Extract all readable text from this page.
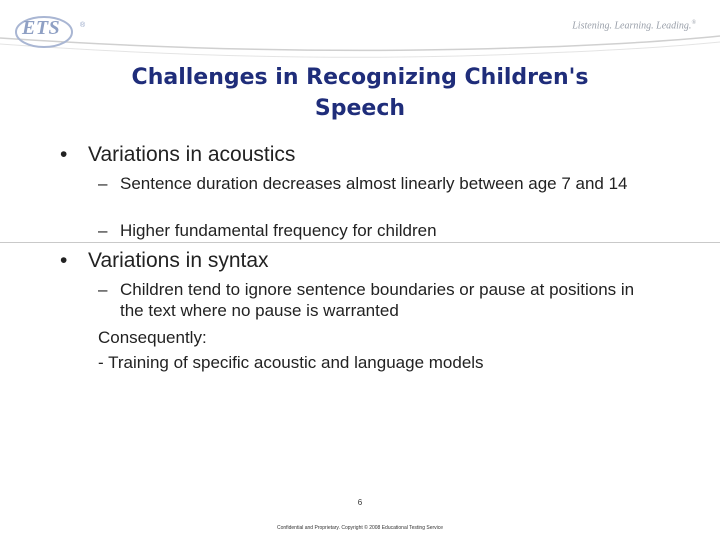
ETS	®	Listening. Learning. Leading.®
Challenges in Recognizing Children's
Speech
• Variations in acoustics
– Sentence duration decreases almost linearly between age 7 and 14
– Higher fundamental frequency for children
• Variations in syntax
– Children tend to ignore sentence boundaries or pause at positions in the text where no pause is warranted
Consequently:
- Training of specific acoustic and language models
6
Confidential and Proprietary. Copyright © 2008 Educational Testing Service
